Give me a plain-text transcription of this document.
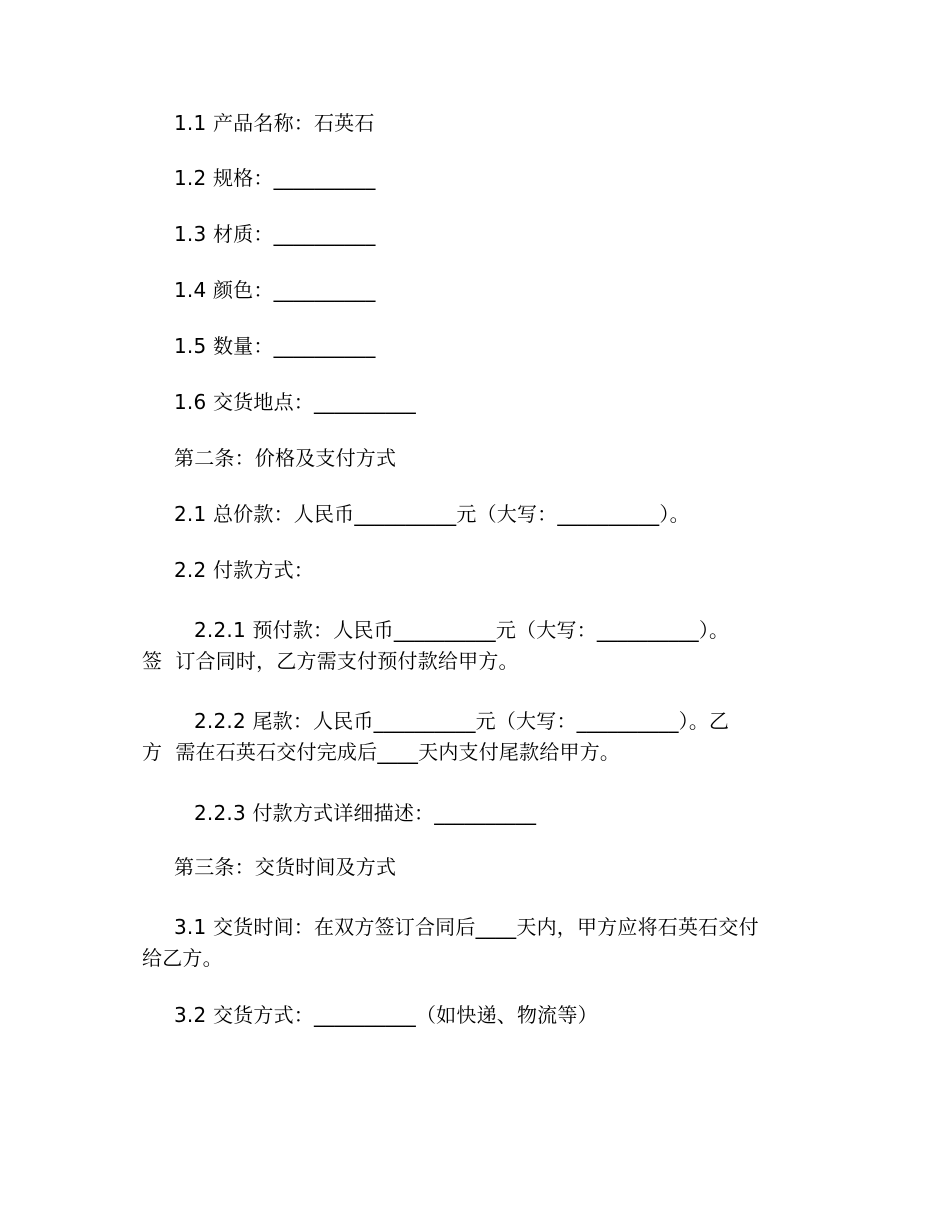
1.1 产品名称：石英石
1.2 规格：__________
1.3 材质：__________
1.4 颜色：__________
1.5 数量：__________
1.6 交货地点：__________
第二条：价格及支付方式
2.1 总价款：人民币__________元（大写：__________）。
2.2 付款方式：
2.2.1 预付款：人民币__________元（大写：__________）。
签  订合同时，乙方需支付预付款给甲方。
2.2.2 尾款：人民币__________元（大写：__________）。乙
方  需在石英石交付完成后____天内支付尾款给甲方。
2.2.3 付款方式详细描述：__________
第三条：交货时间及方式
3.1 交货时间：在双方签订合同后____天内，甲方应将石英石交付
给乙方。
3.2 交货方式：__________（如快递、物流等）
